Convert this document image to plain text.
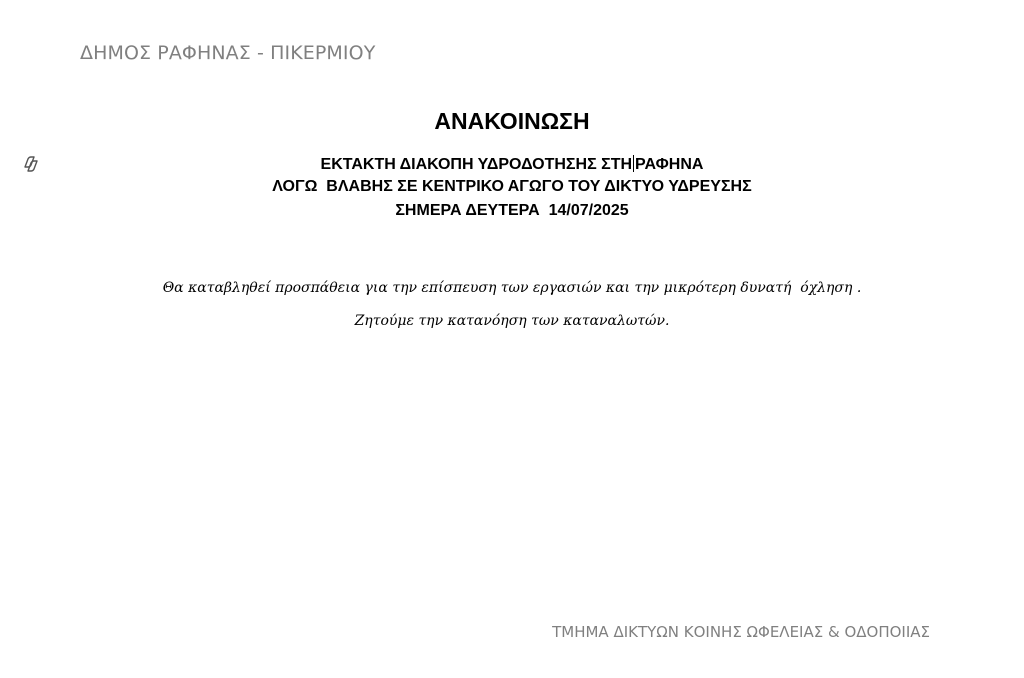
ΔΗΜΟΣ ΡΑΦΗΝΑΣ - ΠΙΚΕΡΜΙΟΥ
ΑΝΑΚΟΙΝΩΣΗ
ΕΚΤΑΚΤΗ ΔΙΑΚΟΠΗ ΥΔΡΟΔΟΤΗΣΗΣ ΣΤΗ ΡΑΦΗΝΑ
ΛΟΓΩ  ΒΛΑΒΗΣ ΣΕ ΚΕΝΤΡΙΚΟ ΑΓΩΓΟ ΤΟΥ ΔΙΚΤΥΟ ΥΔΡΕΥΣΗΣ
ΣΗΜΕΡΑ ΔΕΥΤΕΡΑ  14/07/2025
Θα καταβληθεί προσπάθεια για την επίσπευση των εργασιών και την μικρότερη δυνατή  όχληση .
Ζητούμε την κατανόηση των καταναλωτών.
ΤΜΗΜΑ ΔΙΚΤΥΩΝ ΚΟΙΝΗΣ ΩΦΕΛΕΙΑΣ & ΟΔΟΠΟΙΙΑΣ
